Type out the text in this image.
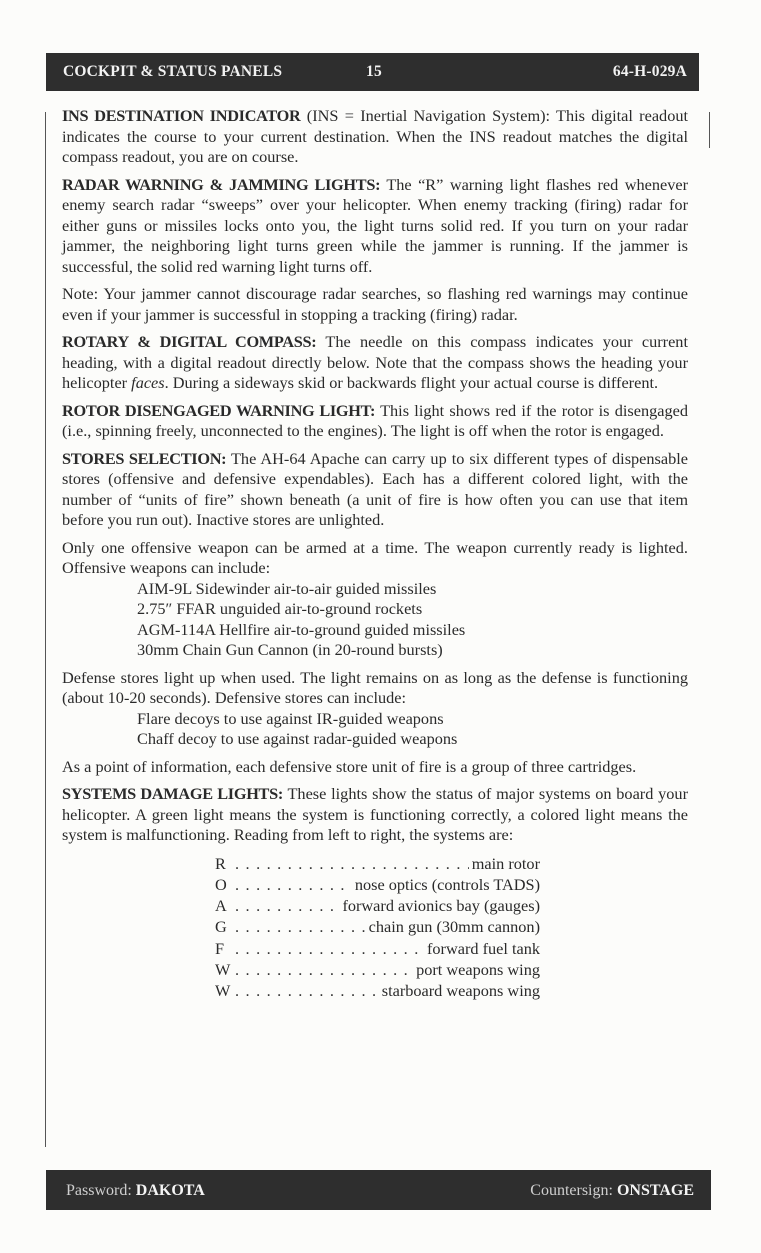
COCKPIT & STATUS PANELS	15	64-H-029A

INS DESTINATION INDICATOR (INS = Inertial Navigation System): This digital readout indicates the course to your current destination. When the INS readout matches the digital compass readout, you are on course.

RADAR WARNING & JAMMING LIGHTS: The “R” warning light flashes red whenever enemy search radar “sweeps” over your helicopter. When enemy tracking (firing) radar for either guns or missiles locks onto you, the light turns solid red. If you turn on your radar jammer, the neighboring light turns green while the jammer is running. If the jammer is successful, the solid red warning light turns off.

Note: Your jammer cannot discourage radar searches, so flashing red warnings may continue even if your jammer is successful in stopping a tracking (firing) radar.

ROTARY & DIGITAL COMPASS: The needle on this compass indicates your current heading, with a digital readout directly below. Note that the compass shows the heading your helicopter faces. During a sideways skid or backwards flight your actual course is different.

ROTOR DISENGAGED WARNING LIGHT: This light shows red if the rotor is disengaged (i.e., spinning freely, unconnected to the engines). The light is off when the rotor is engaged.

STORES SELECTION: The AH-64 Apache can carry up to six different types of dispensable stores (offensive and defensive expendables). Each has a different colored light, with the number of “units of fire” shown beneath (a unit of fire is how often you can use that item before you run out). Inactive stores are unlighted.

Only one offensive weapon can be armed at a time. The weapon currently ready is lighted. Offensive weapons can include:

AIM-9L Sidewinder air-to-air guided missiles

2.75″ FFAR unguided air-to-ground rockets

AGM-114A Hellfire air-to-ground guided missiles

30mm Chain Gun Cannon (in 20-round bursts)

Defense stores light up when used. The light remains on as long as the defense is functioning (about 10-20 seconds). Defensive stores can include:

Flare decoys to use against IR-guided weapons

Chaff decoy to use against radar-guided weapons

As a point of information, each defensive store unit of fire is a group of three cartridges.

SYSTEMS DAMAGE LIGHTS: These lights show the status of major systems on board your helicopter. A green light means the system is functioning correctly, a colored light means the system is malfunctioning. Reading from left to right, the systems are:

R . . .	main rotor
O . . .	nose optics (controls TADS)
A . . .	forward avionics bay (gauges)
G . . .	chain gun (30mm cannon)
F . . .	forward fuel tank
W . . .	port weapons wing
W . . .	starboard weapons wing
Password: DAKOTA	Countersign: ONSTAGE
